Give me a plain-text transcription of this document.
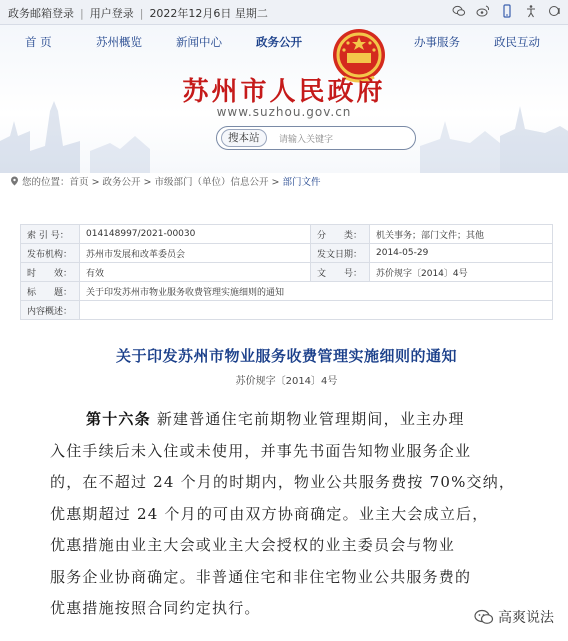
政务邮箱登录 | 用户登录 | 2022年12月6日 星期二
首 页	苏州概览	新闻中心	政务公开	办事服务	政民互动
苏州市人民政府
www.suzhou.gov.cn
搜本站	请输入关键字
您的位置：首页 > 政务公开 > 市级部门（单位）信息公开 > 部门文件
索 引 号：	014148997/2021-00030	分　　类：	机关事务；部门文件；其他
发布机构：	苏州市发展和改革委员会	发文日期：	2014-05-29
时　　效：	有效	文　　号：	苏价规字〔2014〕4号
标　　题：	关于印发苏州市物业服务收费管理实施细则的通知		
内容概述：			
关于印发苏州市物业服务收费管理实施细则的通知
苏价规字〔2014〕4号

第十六条 新建普通住宅前期物业管理期间，业主办理

入住手续后未入住或未使用，并事先书面告知物业服务企业

的，在不超过 24 个月的时期内，物业公共服务费按 70%交纳，

优惠期超过 24 个月的可由双方协商确定。业主大会成立后，

优惠措施由业主大会或业主大会授权的业主委员会与物业

服务企业协商确定。非普通住宅和非住宅物业公共服务费的

优惠措施按照合同约定执行。

高爽说法
